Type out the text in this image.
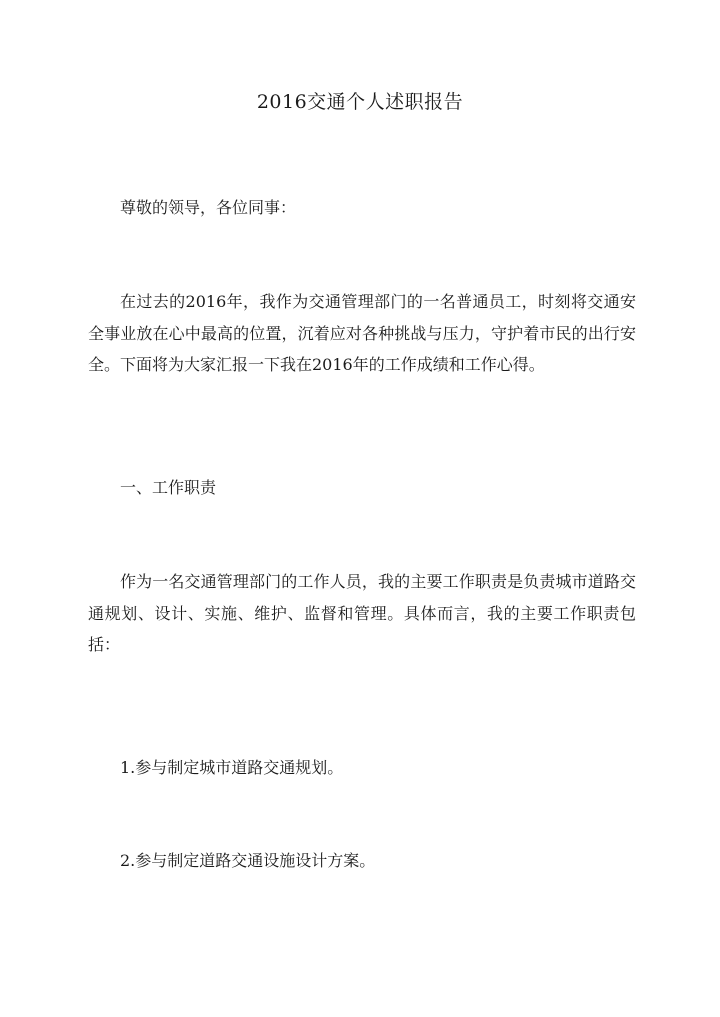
2016交通个人述职报告

尊敬的领导，各位同事：

在过去的2016年，我作为交通管理部门的一名普通员工，时刻将交通安全事业放在心中最高的位置，沉着应对各种挑战与压力，守护着市民的出行安全。下面将为大家汇报一下我在2016年的工作成绩和工作心得。

一、工作职责

作为一名交通管理部门的工作人员，我的主要工作职责是负责城市道路交通规划、设计、实施、维护、监督和管理。具体而言，我的主要工作职责包括：

1.参与制定城市道路交通规划。

2.参与制定道路交通设施设计方案。
